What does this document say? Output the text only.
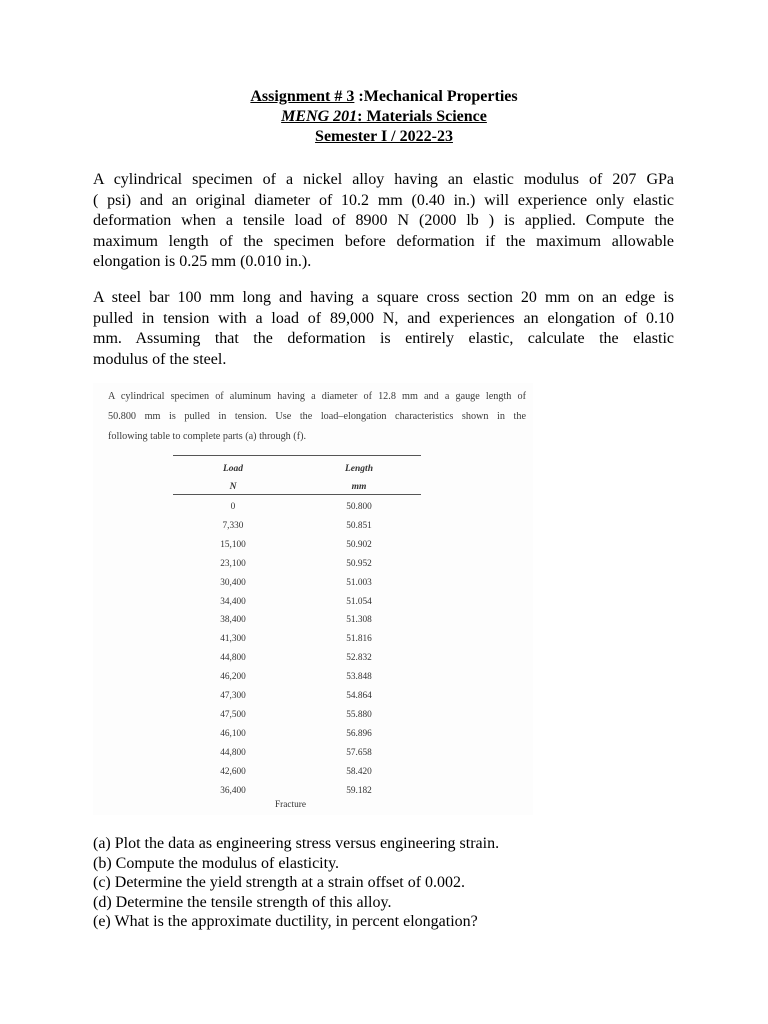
Assignment # 3 :Mechanical Properties
MENG 201: Materials Science
Semester I / 2022-23
A cylindrical specimen of a nickel alloy having an elastic modulus of 207 GPa
( psi) and an original diameter of 10.2 mm (0.40 in.) will experience only elastic
deformation when a tensile load of 8900 N (2000 lb ) is applied. Compute the
maximum length of the specimen before deformation if the maximum allowable
elongation is 0.25 mm (0.010 in.).
A steel bar 100 mm long and having a square cross section 20 mm on an edge is
pulled in tension with a load of 89,000 N, and experiences an elongation of 0.10
mm. Assuming that the deformation is entirely elastic, calculate the elastic
modulus of the steel.
A cylindrical specimen of aluminum having a diameter of 12.8 mm and a gauge length of
50.800 mm is pulled in tension. Use the load–elongation characteristics shown in the
following table to complete parts (a) through (f).
Load	Length
N	mm
0	50.800
7,330	50.851
15,100	50.902
23,100	50.952
30,400	51.003
34,400	51.054
38,400	51.308
41,300	51.816
44,800	52.832
46,200	53.848
47,300	54.864
47,500	55.880
46,100	56.896
44,800	57.658
42,600	58.420
36,400	59.182
Fracture
(a) Plot the data as engineering stress versus engineering strain.
(b) Compute the modulus of elasticity.
(c) Determine the yield strength at a strain offset of 0.002.
(d) Determine the tensile strength of this alloy.
(e) What is the approximate ductility, in percent elongation?
